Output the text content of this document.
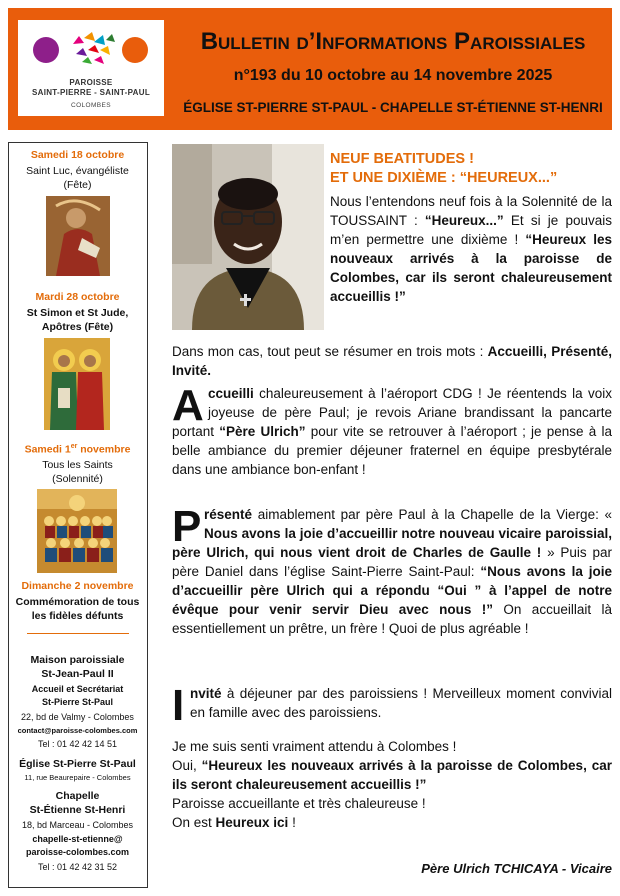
PAROISSE
SAINT-PIERRE - SAINT-PAUL
COLOMBES
Bulletin d’Informations Paroissiales
n°193 du 10 octobre au 14 novembre 2025
ÉGLISE ST-PIERRE ST-PAUL - CHAPELLE ST-ÉTIENNE ST-HENRI
Samedi 18 octobre
Saint Luc, évangéliste
(Fête)
Mardi 28 octobre
St Simon et St Jude,
Apôtres (Fête)
Samedi 1er novembre
Tous les Saints
(Solennité)
Dimanche 2 novembre
Commémoration de tous
les fidèles défunts
Maison paroissiale
St-Jean-Paul II
Accueil et Secrétariat
St-Pierre St-Paul
22, bd de Valmy - Colombes
contact@paroisse-colombes.com
Tel : 01 42 42 14 51
Église St-Pierre St-Paul
11, rue Beaurepaire - Colombes
Chapelle
St-Étienne St-Henri
18, bd Marceau - Colombes
chapelle-st-etienne@
paroisse-colombes.com
Tel : 01 42 42 31 52
NEUF BEATITUDES !
ET UNE DIXIÈME : “HEUREUX...”
Nous l’entendons neuf fois à la Solennité de la TOUSSAINT : “Heureux...” Et si je pouvais m’en permettre une dixième ! “Heureux les nouveaux arrivés à la paroisse de Colombes, car ils seront chaleureusement accueillis !”
Dans mon cas, tout peut se résumer en trois mots : Accueilli, Présenté, Invité.
A ccueilli chaleureusement à l’aéroport CDG ! Je réentends la voix joyeuse de père Paul; je revois Ariane brandissant la pancarte portant “Père Ulrich” pour vite se retrouver à l’aéroport ; je pense à la belle ambiance du premier déjeuner fraternel en équipe presbytérale dans une ambiance bon-enfant !
P résenté aimablement par père Paul à la Chapelle de la Vierge: « Nous avons la joie d’accueillir notre nouveau vicaire paroissial, père Ulrich, qui nous vient droit de Charles de Gaulle ! » Puis par père Daniel dans l’église Saint-Pierre Saint-Paul: “Nous avons la joie d’accueillir père Ulrich qui a répondu “Oui ” à l’appel de notre évêque pour venir servir Dieu avec nous !” On accueillait là essentiellement un prêtre, un frère ! Quoi de plus agréable !
I nvité à déjeuner par des paroissiens ! Merveilleux moment convivial en famille avec des paroissiens.
Je me suis senti vraiment attendu à Colombes !
Oui, “Heureux les nouveaux arrivés à la paroisse de Colombes, car ils seront chaleureusement accueillis !”
Paroisse accueillante et très chaleureuse !
On est Heureux ici !
Père Ulrich TCHICAYA - Vicaire
